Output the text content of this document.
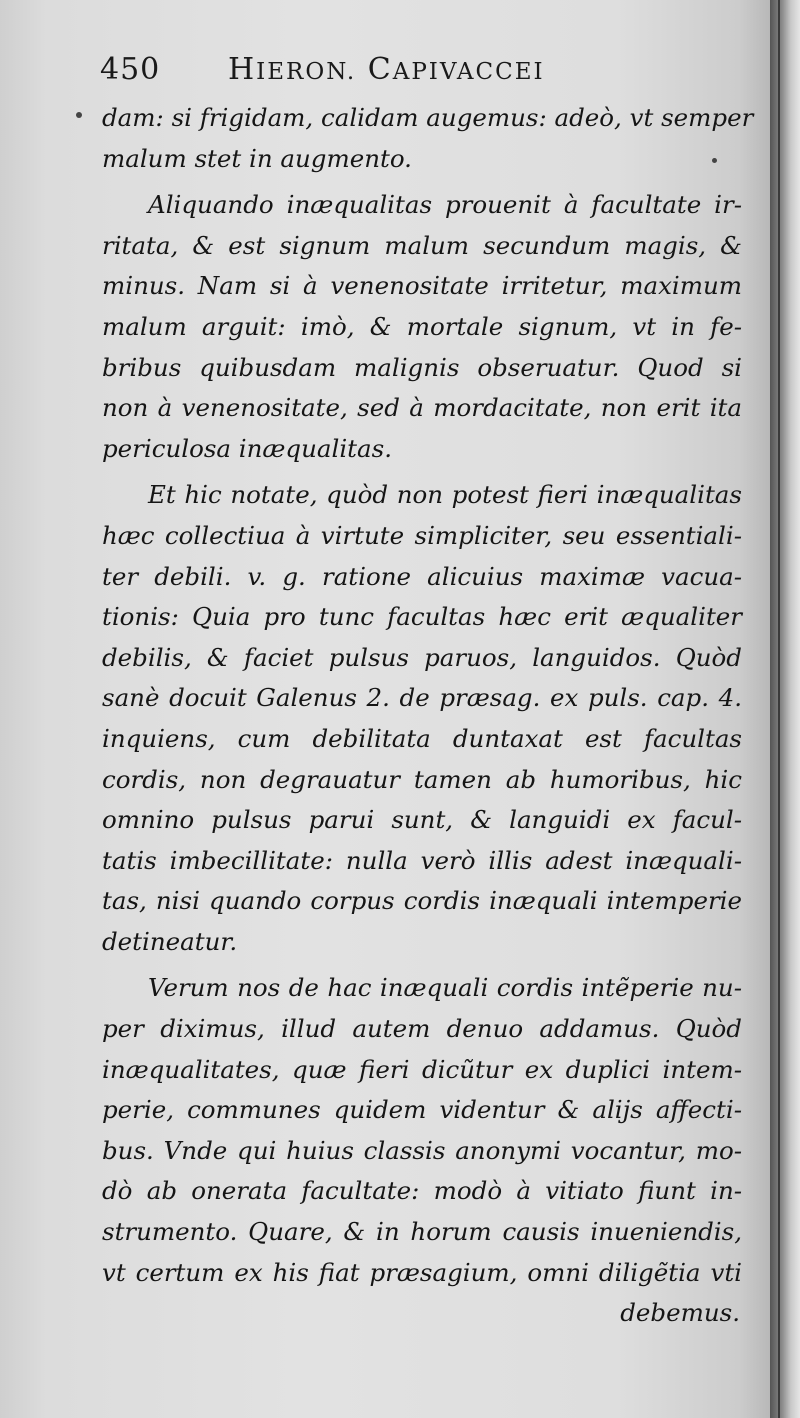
450 HIERON. CAPIVACCEI
dam: si frigidam, calidam augemus: adeò, vt semper
malum stet in augmento.
Aliquando inæqualitas prouenit à facultate ir-
ritata, & est signum malum secundum magis, &
minus. Nam si à venenositate irritetur, maximum
malum arguit: imò, & mortale signum, vt in fe-
bribus quibusdam malignis obseruatur. Quod si
non à venenositate, sed à mordacitate, non erit ita
periculosa inæqualitas.
Et hic notate, quòd non potest fieri inæqualitas
hæc collectiua à virtute simpliciter, seu essentiali-
ter debili. v. g. ratione alicuius maximæ vacua-
tionis: Quia pro tunc facultas hæc erit æqualiter
debilis, & faciet pulsus paruos, languidos. Quòd
sanè docuit Galenus 2. de præsag. ex puls. cap. 4.
inquiens, cum debilitata duntaxat est facultas
cordis, non degrauatur tamen ab humoribus, hic
omnino pulsus parui sunt, & languidi ex facul-
tatis imbecillitate: nulla verò illis adest inæquali-
tas, nisi quando corpus cordis inæquali intemperie
detineatur.
Verum nos de hac inæquali cordis intẽperie nu-
per diximus, illud autem denuo addamus. Quòd
inæqualitates, quæ fieri dicũtur ex duplici intem-
perie, communes quidem videntur & alijs affecti-
bus. Vnde qui huius classis anonymi vocantur, mo-
dò ab onerata facultate: modò à vitiato fiunt in-
strumento. Quare, & in horum causis inueniendis,
vt certum ex his fiat præsagium, omni diligẽtia vti
debemus.
